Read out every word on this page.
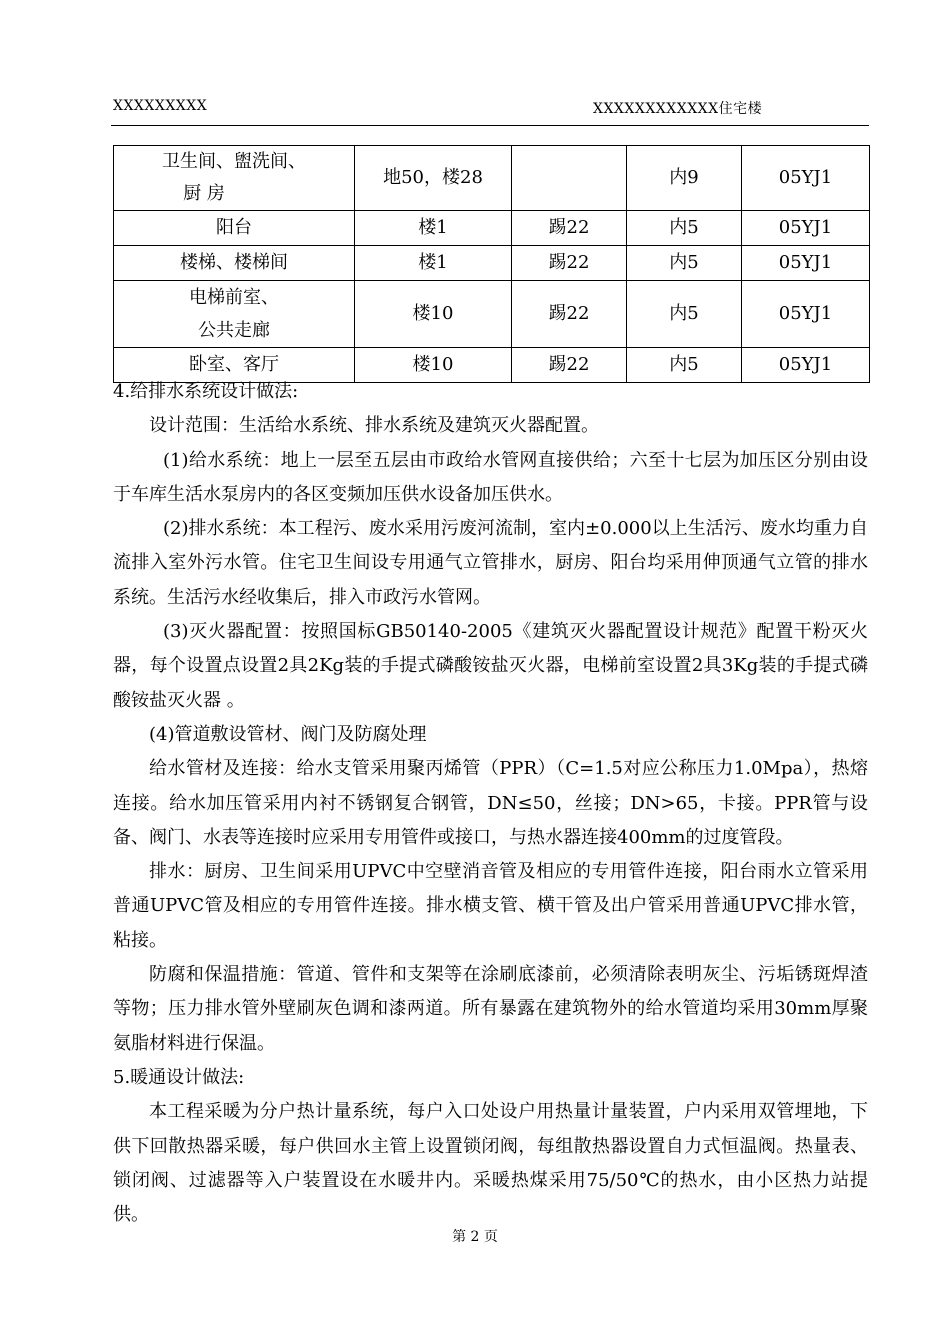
XXXXXXXXX	XXXXXXXXXXXX住宅楼
卫生间、盥洗间、
厨 房	地50，楼28		内9	05YJ1
阳台	楼1	踢22	内5	05YJ1
楼梯、楼梯间	楼1	踢22	内5	05YJ1

电梯前室、
公共走廊	楼10	踢22	内5	05YJ1
卧室、客厅	楼10	踢22	内5	05YJ1

4.给排水系统设计做法:

设计范围：生活给水系统、排水系统及建筑灭火器配置。

(1)给水系统：地上一层至五层由市政给水管网直接供给；六至十七层为加压区分别由设于车库生活水泵房内的各区变频加压供水设备加压供水。

(2)排水系统：本工程污、废水采用污废河流制，室内±0.000以上生活污、废水均重力自流排入室外污水管。住宅卫生间设专用通气立管排水，厨房、阳台均采用伸顶通气立管的排水系统。生活污水经收集后，排入市政污水管网。

(3)灭火器配置：按照国标GB50140-2005《建筑灭火器配置设计规范》配置干粉灭火器，每个设置点设置2具2Kg装的手提式磷酸铵盐灭火器，电梯前室设置2具3Kg装的手提式磷酸铵盐灭火器 。

(4)管道敷设管材、阀门及防腐处理

给水管材及连接：给水支管采用聚丙烯管（PPR）（C=1.5对应公称压力1.0Mpa），热熔连接。给水加压管采用内衬不锈钢复合钢管，DN≤50，丝接；DN>65，卡接。PPR管与设备、阀门、水表等连接时应采用专用管件或接口，与热水器连接400mm的过度管段。

排水：厨房、卫生间采用UPVC中空壁消音管及相应的专用管件连接，阳台雨水立管采用普通UPVC管及相应的专用管件连接。排水横支管、横干管及出户管采用普通UPVC排水管，粘接。

防腐和保温措施：管道、管件和支架等在涂刷底漆前，必须清除表明灰尘、污垢锈斑焊渣等物；压力排水管外壁刷灰色调和漆两道。所有暴露在建筑物外的给水管道均采用30mm厚聚氨脂材料进行保温。

5.暖通设计做法:

本工程采暖为分户热计量系统，每户入口处设户用热量计量装置，户内采用双管埋地，下供下回散热器采暖，每户供回水主管上设置锁闭阀，每组散热器设置自力式恒温阀。热量表、锁闭阀、过滤器等入户装置设在水暖井内。采暖热煤采用75/50℃的热水，由小区热力站提供。

第 2 页
